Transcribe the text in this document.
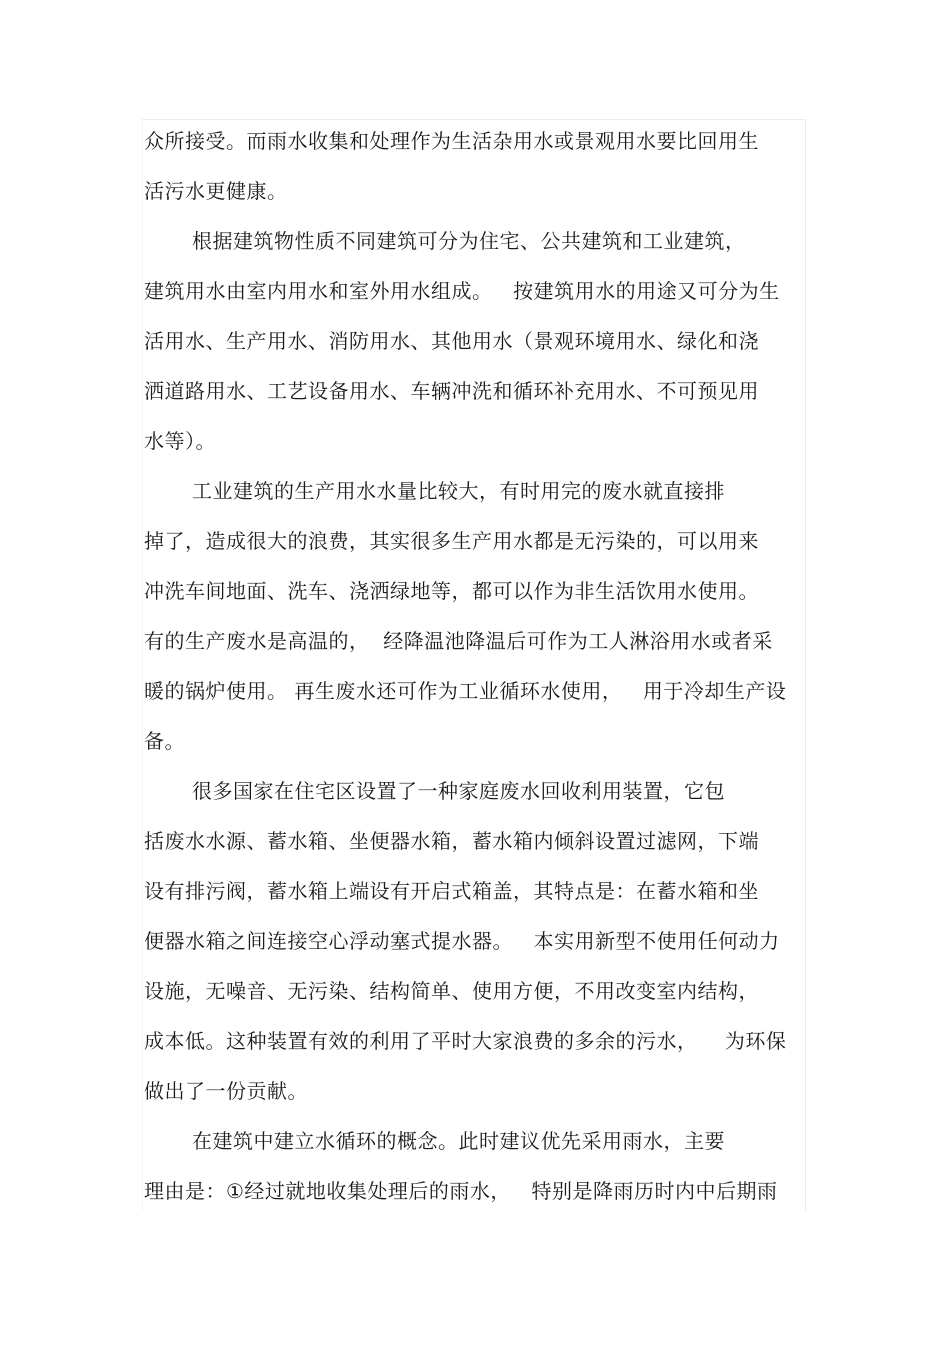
众所接受。而雨水收集和处理作为生活杂用水或景观用水要比回用生
活污水更健康。
根据建筑物性质不同建筑可分为住宅、公共建筑和工业建筑，
建筑用水由室内用水和室外用水组成。   按建筑用水的用途又可分为生
活用水、生产用水、消防用水、其他用水（景观环境用水、绿化和浇
洒道路用水、工艺设备用水、车辆冲洗和循环补充用水、不可预见用
水等）。
工业建筑的生产用水水量比较大，有时用完的废水就直接排
掉了，造成很大的浪费，其实很多生产用水都是无污染的，可以用来
冲洗车间地面、洗车、浇洒绿地等，都可以作为非生活饮用水使用。
有的生产废水是高温的，  经降温池降温后可作为工人淋浴用水或者采
暖的锅炉使用。 再生废水还可作为工业循环水使用，   用于冷却生产设
备。
很多国家在住宅区设置了一种家庭废水回收利用装置，它包
括废水水源、蓄水箱、坐便器水箱，蓄水箱内倾斜设置过滤网，下端
设有排污阀，蓄水箱上端设有开启式箱盖，其特点是：在蓄水箱和坐
便器水箱之间连接空心浮动塞式提水器。   本实用新型不使用任何动力
设施，无噪音、无污染、结构简单、使用方便，不用改变室内结构，
成本低。这种装置有效的利用了平时大家浪费的多余的污水，    为环保
做出了一份贡献。
在建筑中建立水循环的概念。此时建议优先采用雨水，主要
理由是：①经过就地收集处理后的雨水，   特别是降雨历时内中后期雨
